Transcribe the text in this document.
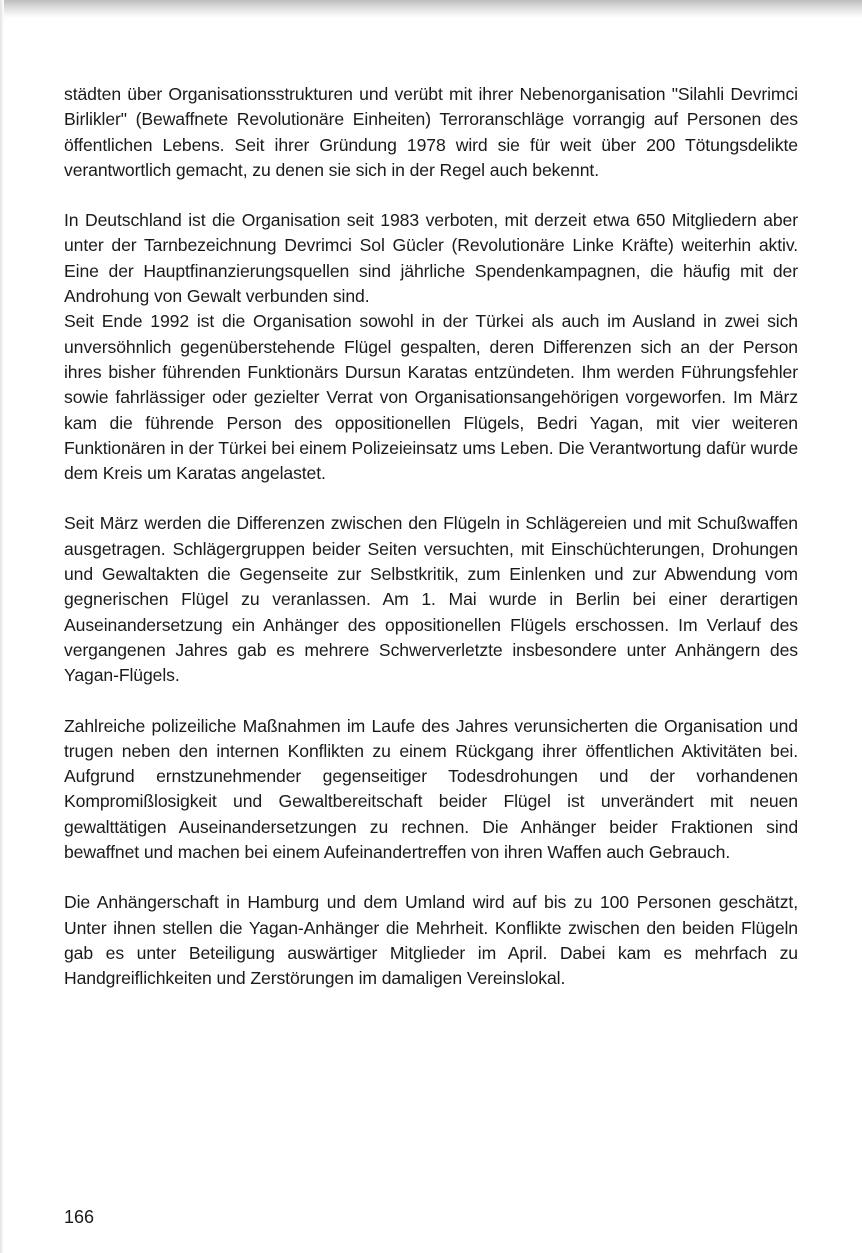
städten über Organisationsstrukturen und verübt mit ihrer Nebenorganisation "Silahli Devrimci Birlikler" (Bewaffnete Revolutionäre Einheiten) Terroranschläge vorrangig auf Personen des öffentlichen Lebens. Seit ihrer Gründung 1978 wird sie für weit über 200 Tötungsdelikte verantwortlich gemacht, zu denen sie sich in der Regel auch bekennt.

In Deutschland ist die Organisation seit 1983 verboten, mit derzeit etwa 650 Mitgliedern aber unter der Tarnbezeichnung Devrimci Sol Gücler (Revolutionäre Linke Kräfte) weiterhin aktiv. Eine der Hauptfinanzierungsquellen sind jährliche Spendenkampagnen, die häufig mit der Androhung von Gewalt verbunden sind.

Seit Ende 1992 ist die Organisation sowohl in der Türkei als auch im Ausland in zwei sich unversöhnlich gegenüberstehende Flügel gespalten, deren Differenzen sich an der Person ihres bisher führenden Funktionärs Dursun Karatas entzündeten. Ihm werden Führungsfehler sowie fahrlässiger oder gezielter Verrat von Organisationsangehörigen vorgeworfen. Im März kam die führende Person des oppositionellen Flügels, Bedri Yagan, mit vier weiteren Funktionären in der Türkei bei einem Polizeieinsatz ums Leben. Die Verantwortung dafür wurde dem Kreis um Karatas angelastet.

Seit März werden die Differenzen zwischen den Flügeln in Schlägereien und mit Schußwaffen ausgetragen. Schlägergruppen beider Seiten versuchten, mit Einschüchterungen, Drohungen und Gewaltakten die Gegenseite zur Selbstkritik, zum Einlenken und zur Abwendung vom gegnerischen Flügel zu veranlassen. Am 1. Mai wurde in Berlin bei einer derartigen Auseinandersetzung ein Anhänger des oppositionellen Flügels erschossen. Im Verlauf des vergangenen Jahres gab es mehrere Schwerverletzte insbesondere unter Anhängern des Yagan-Flügels.

Zahlreiche polizeiliche Maßnahmen im Laufe des Jahres verunsicherten die Organisation und trugen neben den internen Konflikten zu einem Rückgang ihrer öffentlichen Aktivitäten bei. Aufgrund ernstzunehmender gegenseitiger Todesdrohungen und der vorhandenen Kompromißlosigkeit und Gewaltbereitschaft beider Flügel ist unverändert mit neuen gewalttätigen Auseinandersetzungen zu rechnen. Die Anhänger beider Fraktionen sind bewaffnet und machen bei einem Aufeinandertreffen von ihren Waffen auch Gebrauch.

Die Anhängerschaft in Hamburg und dem Umland wird auf bis zu 100 Personen geschätzt, Unter ihnen stellen die Yagan-Anhänger die Mehrheit. Konflikte zwischen den beiden Flügeln gab es unter Beteiligung auswärtiger Mitglieder im April. Dabei kam es mehrfach zu Handgreiflichkeiten und Zerstörungen im damaligen Vereinslokal.

166
